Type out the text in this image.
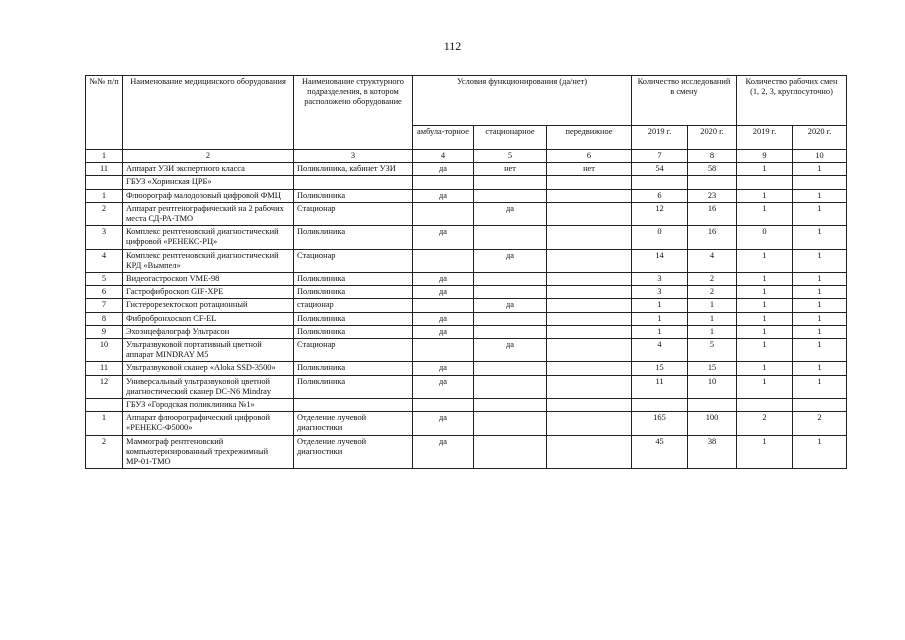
112
№№ п/п	Наименование медицинского оборудования	Наименование структурного подразделения, в котором расположено оборудование	Условия функционирования (да/нет)			Количество исследований в смену		Количество рабочих смен (1, 2, 3, круглосуточно)	
			амбула-торное	стационарное	передвижное	2019 г.	2020 г.	2019 г.	2020 г.
1	2	3	4	5	6	7	8	9	10
11	Аппарат УЗИ экспертного класса	Поликлиника, кабинет УЗИ	да	нет	нет	54	58	1	1
	ГБУЗ «Хоринская ЦРБ»								
1	Флюорограф малодозовый цифровой ФМЦ	Поликлиника	да			6	23	1	1
2	Аппарат рентгенографический на 2 рабочих места СД-РА-ТМО	Стационар		да		12	16	1	1
3	Комплекс рентгеновский диагностический цифровой «РЕНЕКС-РЦ»	Поликлиника	да			0	16	0	1
4	Комплекс рентгеновский диагностический КРД «Вымпел»	Стационар		да		14	4	1	1
5	Видеогастроскоп VME-98	Поликлиника	да			3	2	1	1
6	Гастрофиброскоп GIF-XPE	Поликлиника	да			3	2	1	1
7	Гистерорезектоскоп ротационный	стационар		да		1	1	1	1
8	Фибробронхоскоп CF-EL	Поликлиника	да			1	1	1	1
9	Эхоэнцефалограф Ультрасон	Поликлиника	да			1	1	1	1
10	Ультразвуковой портативный цветной аппарат MINDRAY M5	Стационар		да		4	5	1	1
11	Ультразвуковой сканер «Aloka SSD-3500»	Поликлиника	да			15	15	1	1
12	Универсальный ультразвуковой цветной диагностический сканер DC-N6 Mindray	Поликлиника	да			11	10	1	1
	ГБУЗ «Городская поликлиника №1»								
1	Аппарат флюорографический цифровой «РЕНЕКС-Ф5000»	Отделение лучевой диагностики	да			165	100	2	2
2	Маммограф рентгеновский компьютеризированный трехрежимный МР-01-ТМО	Отделение лучевой диагностики	да			45	38	1	1
